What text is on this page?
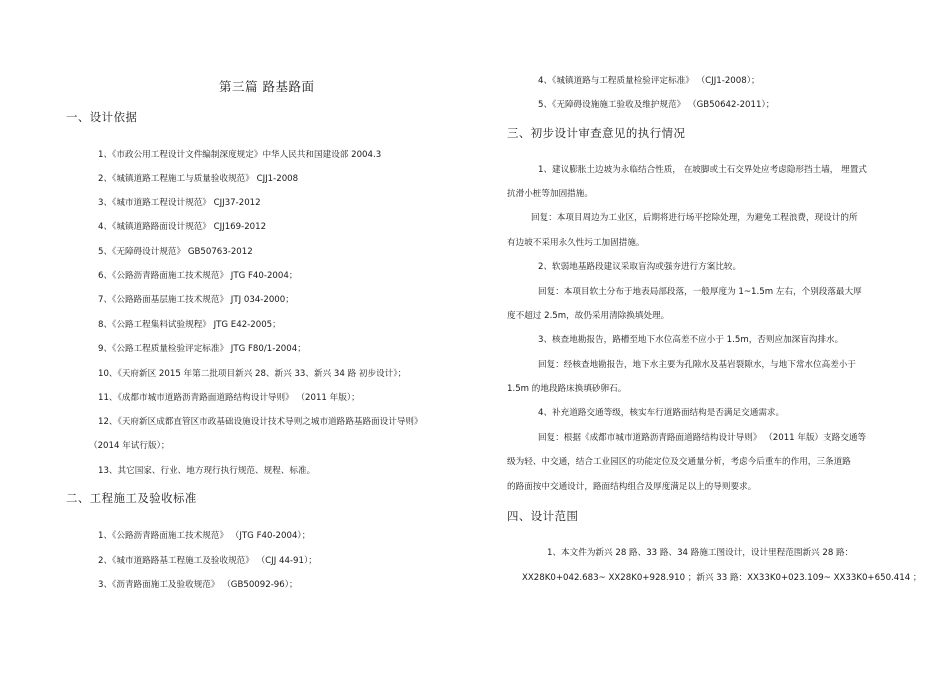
第三篇 路基路面
一、设计依据
1、《市政公用工程设计文件编制深度规定》中华人民共和国建设部 2004.3
2、《城镇道路工程施工与质量验收规范》 CJJ1-2008
3、《城市道路工程设计规范》 CJJ37-2012
4、《城镇道路路面设计规范》 CJJ169-2012
5、《无障碍设计规范》 GB50763-2012
6、《公路沥青路面施工技术规范》 JTG F40-2004；
7、《公路路面基层施工技术规范》 JTJ 034-2000；
8、《公路工程集料试验规程》 JTG E42-2005；
9、《公路工程质量检验评定标准》 JTG F80/1-2004；
10、《天府新区 2015 年第二批项目新兴 28、新兴 33、新兴 34 路 初步设计》；
11、《成都市城市道路沥青路面道路结构设计导则》 （2011 年版）；
12、《天府新区成都直管区市政基础设施设计技术导则之城市道路路基路面设计导则》
（2014 年试行版）；
13、其它国家、行业、地方现行执行规范、规程、标准。
二、工程施工及验收标准
1、《公路沥青路面施工技术规范》 （JTG F40-2004）；
2、《城市道路路基工程施工及验收规范》 （CJJ 44-91）；
3、《沥青路面施工及验收规范》 （GB50092-96）；
4、《城镇道路与工程质量检验评定标准》 （CJJ1-2008）；
5、《无障碍设施施工验收及维护规范》 （GB50642-2011）；
三、初步设计审查意见的执行情况
1、建议膨胀土边坡为永临结合性质， 在坡脚或土石交界处应考虑隐形挡土墙， 埋置式
抗滑小桩等加固措施。
回复：本项目周边为工业区，后期将进行场平挖除处理，为避免工程浪费，现设计的所
有边坡不采用永久性圬工加固措施。
2、软弱地基路段建议采取盲沟或强夯进行方案比较。
回复：本项目软土分布于地表局部段落，一般厚度为 1~1.5m 左右，个别段落最大厚
度不超过 2.5m，故仍采用清除换填处理。
3、核查地勘报告，路槽至地下水位高差不应小于 1.5m，否则应加深盲沟排水。
回复：经核查地勘报告，地下水主要为孔隙水及基岩裂隙水，与地下常水位高差小于
1.5m 的地段路床换填砂卵石。
4、补充道路交通等级，核实车行道路面结构是否满足交通需求。
回复：根据《成都市城市道路沥青路面道路结构设计导则》 （2011 年版）支路交通等
级为轻、中交通，结合工业园区的功能定位及交通量分析，考虑今后重车的作用，三条道路
的路面按中交通设计，路面结构组合及厚度满足以上的导则要求。
四、设计范围
1、本文件为新兴 28 路、33 路、34 路施工图设计，设计里程范围新兴 28 路：
XX28K0+042.683~ XX28K0+928.910 ；新兴 33 路：XX33K0+023.109~ XX33K0+650.414 ；
